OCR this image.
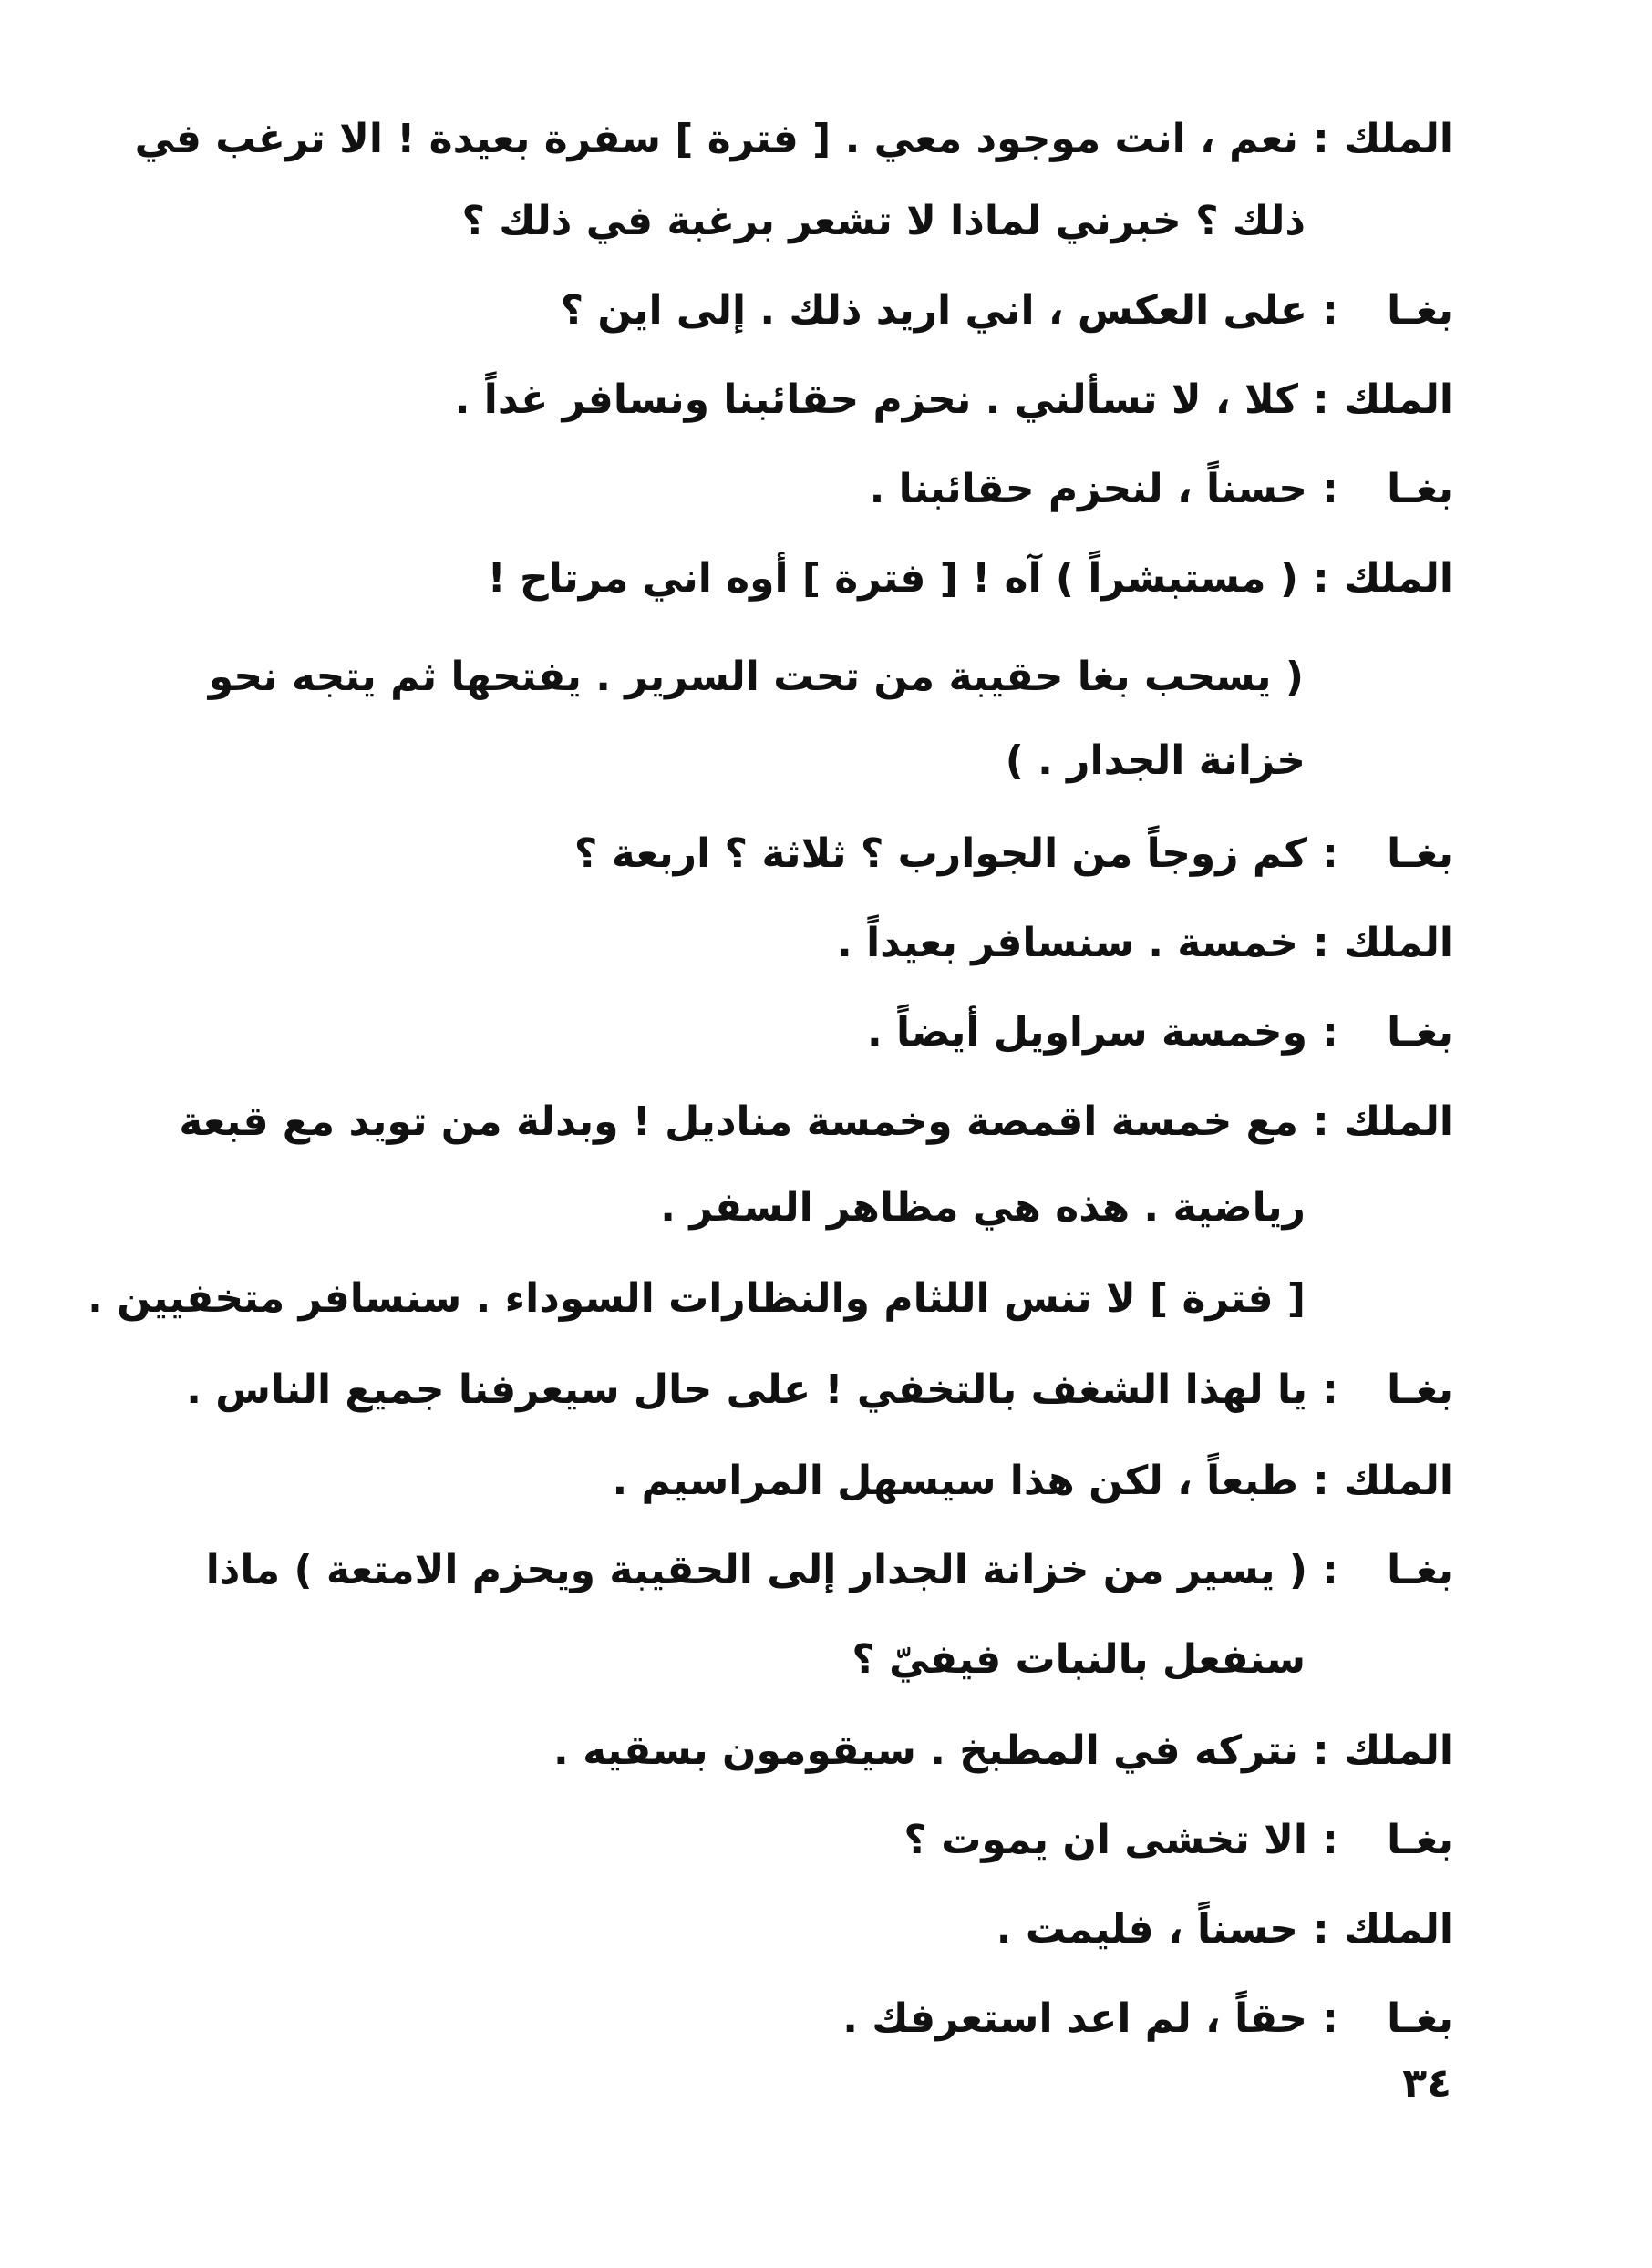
الملك:نعم ، انت موجود معي . [ فترة ] سفرة بعيدة ! الا ترغب في
ذلك ؟ خبرني لماذا لا تشعر برغبة في ذلك ؟
بغـا:على العكس ، اني اريد ذلك . إلى اين ؟
الملك:كلا ، لا تسألني . نحزم حقائبنا ونسافر غداً .
بغـا:حسناً ، لنحزم حقائبنا .
الملك:( مستبشراً ) آه ! [ فترة ] أوه اني مرتاح !
( يسحب بغا حقيبة من تحت السرير . يفتحها ثم يتجه نحو
خزانة الجدار . )
بغـا:كم زوجاً من الجوارب ؟ ثلاثة ؟ اربعة ؟
الملك:خمسة . سنسافر بعيداً .
بغـا:وخمسة سراويل أيضاً .
الملك:مع خمسة اقمصة وخمسة مناديل ! وبدلة من تويد مع قبعة
رياضية . هذه هي مظاهر السفر .
[ فترة ] لا تنس اللثام والنظارات السوداء . سنسافر متخفيين .
بغـا:يا لهذا الشغف بالتخفي ! على حال سيعرفنا جميع الناس .
الملك:طبعاً ، لكن هذا سيسهل المراسيم .
بغـا:( يسير من خزانة الجدار إلى الحقيبة ويحزم الامتعة ) ماذا
سنفعل بالنبات فيفيّ ؟
الملك:نتركه في المطبخ . سيقومون بسقيه .
بغـا:الا تخشى ان يموت ؟
الملك:حسناً ، فليمت .
بغـا:حقاً ، لم اعد استعرفك .
٣٤
